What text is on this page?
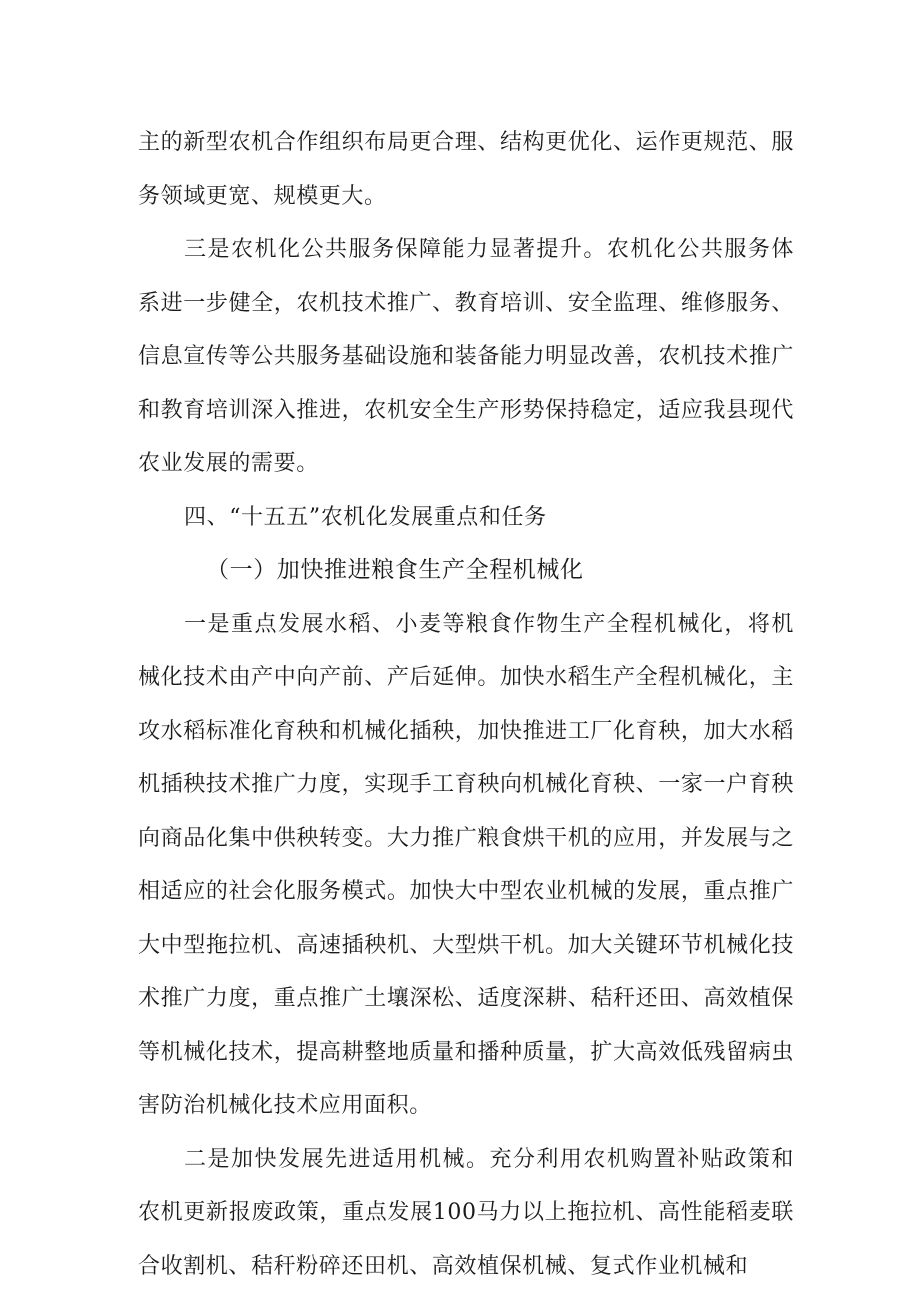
主的新型农机合作组织布局更合理、结构更优化、运作更规范、服务领域更宽、规模更大。

三是农机化公共服务保障能力显著提升。农机化公共服务体系进一步健全，农机技术推广、教育培训、安全监理、维修服务、信息宣传等公共服务基础设施和装备能力明显改善，农机技术推广和教育培训深入推进，农机安全生产形势保持稳定，适应我县现代农业发展的需要。

四、“十五五”农机化发展重点和任务

（一）加快推进粮食生产全程机械化

一是重点发展水稻、小麦等粮食作物生产全程机械化，将机械化技术由产中向产前、产后延伸。加快水稻生产全程机械化，主攻水稻标准化育秧和机械化插秧，加快推进工厂化育秧，加大水稻机插秧技术推广力度，实现手工育秧向机械化育秧、一家一户育秧向商品化集中供秧转变。大力推广粮食烘干机的应用，并发展与之相适应的社会化服务模式。加快大中型农业机械的发展，重点推广大中型拖拉机、高速插秧机、大型烘干机。加大关键环节机械化技术推广力度，重点推广土壤深松、适度深耕、秸秆还田、高效植保等机械化技术，提高耕整地质量和播种质量，扩大高效低残留病虫害防治机械化技术应用面积。

二是加快发展先进适用机械。充分利用农机购置补贴政策和农机更新报废政策，重点发展100马力以上拖拉机、高性能稻麦联合收割机、秸秆粉碎还田机、高效植保机械、复式作业机械和
